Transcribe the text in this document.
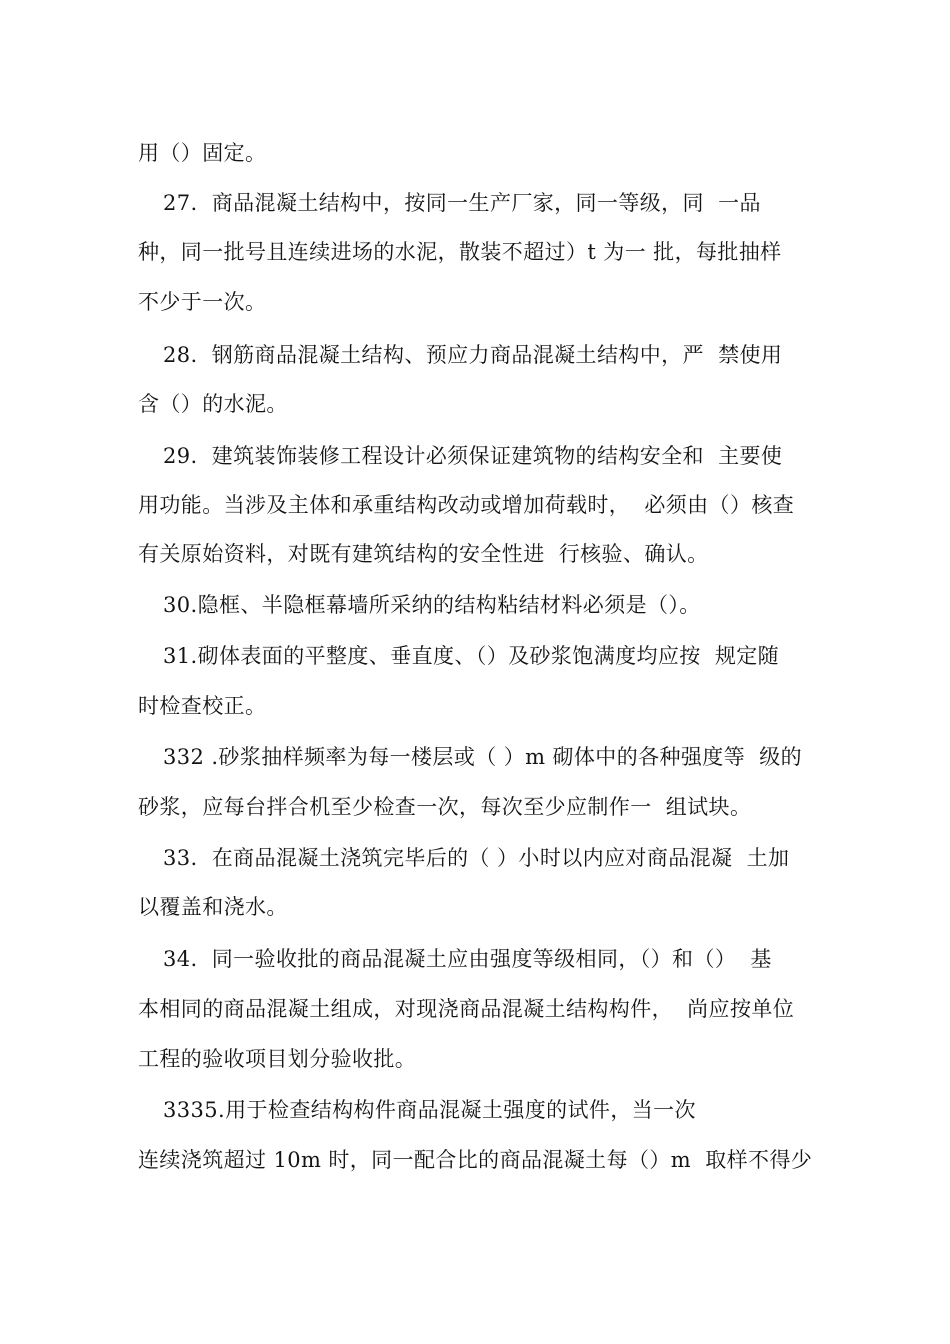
用（）固定。
27.  商品混凝土结构中，按同一生产厂家，同一等级，同  一品
种，同一批号且连续进场的水泥，散装不超过）t 为一 批，每批抽样
不少于一次。
28.  钢筋商品混凝土结构、预应力商品混凝土结构中，严  禁使用
含（）的水泥。
29.  建筑装饰装修工程设计必须保证建筑物的结构安全和  主要使
用功能。当涉及主体和承重结构改动或增加荷载时，  必须由（）核查
有关原始资料，对既有建筑结构的安全性进  行核验、确认。
30.隐框、半隐框幕墙所采纳的结构粘结材料必须是（）。
31.砌体表面的平整度、垂直度、（）及砂浆饱满度均应按  规定随
时检查校正。
332 .砂浆抽样频率为每一楼层或（ ）m 砌体中的各种强度等  级的
砂浆，应每台拌合机至少检查一次，每次至少应制作一  组试块。
33.  在商品混凝土浇筑完毕后的（ ）小时以内应对商品混凝  土加
以覆盖和浇水。
34.  同一验收批的商品混凝土应由强度等级相同，（）和（）  基
本相同的商品混凝土组成，对现浇商品混凝土结构构件，  尚应按单位
工程的验收项目划分验收批。
3335.用于检查结构构件商品混凝土强度的试件，当一次
连续浇筑超过 10m 时，同一配合比的商品混凝土每（）m  取样不得少
